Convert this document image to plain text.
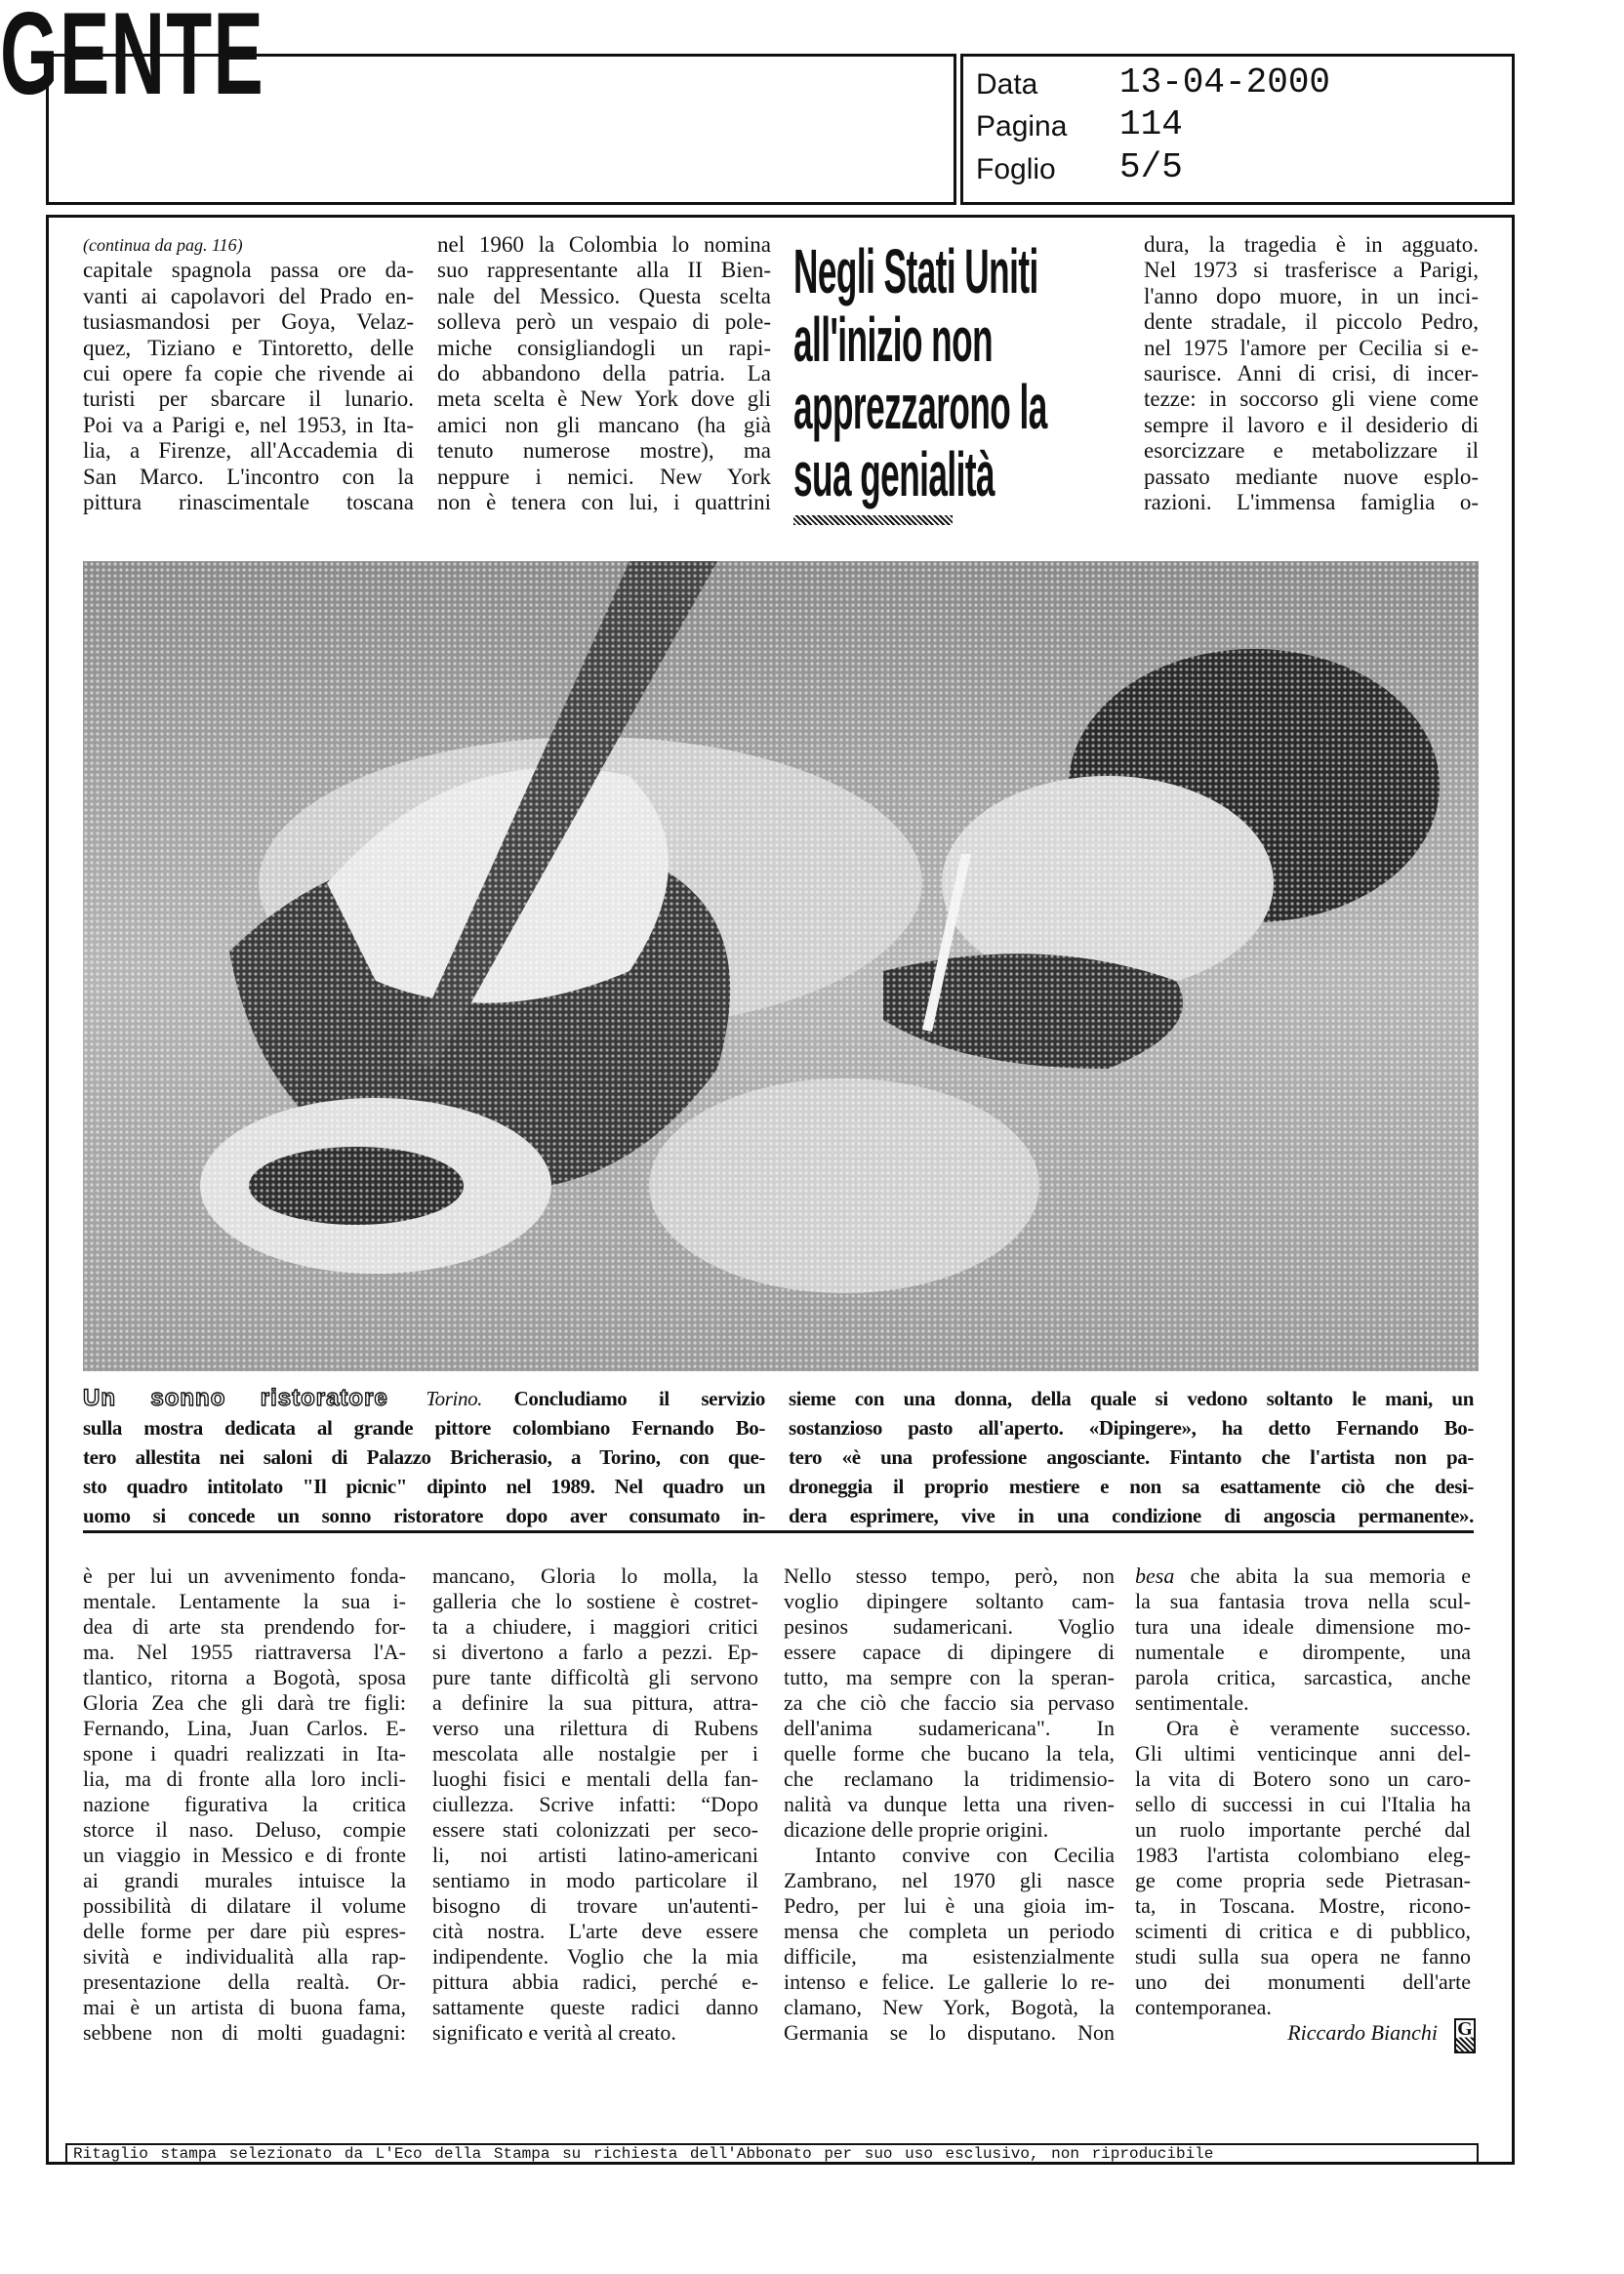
GENTE	Data 13-04-2000
Pagina 114
Foglio 5/5
(continua da pag. 116)
capitale spagnola passa ore da-
vanti ai capolavori del Prado en-
tusiasmandosi per Goya, Velaz-
quez, Tiziano e Tintoretto, delle
cui opere fa copie che rivende ai
turisti per sbarcare il lunario.
Poi va a Parigi e, nel 1953, in Ita-
lia, a Firenze, all'Accademia di
San Marco. L'incontro con la
pittura rinascimentale toscana
nel 1960 la Colombia lo nomina
suo rappresentante alla II Bien-
nale del Messico. Questa scelta
solleva però un vespaio di pole-
miche consigliandogli un rapi-
do abbandono della patria. La
meta scelta è New York dove gli
amici non gli mancano (ha già
tenuto numerose mostre), ma
neppure i nemici. New York
non è tenera con lui, i quattrini
dura, la tragedia è in agguato.
Nel 1973 si trasferisce a Parigi,
l'anno dopo muore, in un inci-
dente stradale, il piccolo Pedro,
nel 1975 l'amore per Cecilia si e-
saurisce. Anni di crisi, di incer-
tezze: in soccorso gli viene come
sempre il lavoro e il desiderio di
esorcizzare e metabolizzare il
passato mediante nuove esplo-
razioni. L'immensa famiglia o-
Negli Stati Uniti
all'inizio non
apprezzarono la
sua genialità
Un sonno ristoratore Torino. Concludiamo il servizio
sulla mostra dedicata al grande pittore colombiano Fernando Bo-
tero allestita nei saloni di Palazzo Bricherasio, a Torino, con que-
sto quadro intitolato "Il picnic" dipinto nel 1989. Nel quadro un
uomo si concede un sonno ristoratore dopo aver consumato in-
sieme con una donna, della quale si vedono soltanto le mani, un
sostanzioso pasto all'aperto. «Dipingere», ha detto Fernando Bo-
tero «è una professione angosciante. Fintanto che l'artista non pa-
droneggia il proprio mestiere e non sa esattamente ciò che desi-
dera esprimere, vive in una condizione di angoscia permanente».
è per lui un avvenimento fonda-
mentale. Lentamente la sua i-
dea di arte sta prendendo for-
ma. Nel 1955 riattraversa l'A-
tlantico, ritorna a Bogotà, sposa
Gloria Zea che gli darà tre figli:
Fernando, Lina, Juan Carlos. E-
spone i quadri realizzati in Ita-
lia, ma di fronte alla loro incli-
nazione figurativa la critica
storce il naso. Deluso, compie
un viaggio in Messico e di fronte
ai grandi murales intuisce la
possibilità di dilatare il volume
delle forme per dare più espres-
sività e individualità alla rap-
presentazione della realtà. Or-
mai è un artista di buona fama,
sebbene non di molti guadagni:
mancano, Gloria lo molla, la
galleria che lo sostiene è costret-
ta a chiudere, i maggiori critici
si divertono a farlo a pezzi. Ep-
pure tante difficoltà gli servono
a definire la sua pittura, attra-
verso una rilettura di Rubens
mescolata alle nostalgie per i
luoghi fisici e mentali della fan-
ciullezza. Scrive infatti: “Dopo
essere stati colonizzati per seco-
li, noi artisti latino-americani
sentiamo in modo particolare il
bisogno di trovare un'autenti-
cità nostra. L'arte deve essere
indipendente. Voglio che la mia
pittura abbia radici, perché e-
sattamente queste radici danno
significato e verità al creato.
Nello stesso tempo, però, non
voglio dipingere soltanto cam-
pesinos sudamericani. Voglio
essere capace di dipingere di
tutto, ma sempre con la speran-
za che ciò che faccio sia pervaso
dell'anima sudamericana". In
quelle forme che bucano la tela,
che reclamano la tridimensio-
nalità va dunque letta una riven-
dicazione delle proprie origini.
Intanto convive con Cecilia
Zambrano, nel 1970 gli nasce
Pedro, per lui è una gioia im-
mensa che completa un periodo
difficile, ma esistenzialmente
intenso e felice. Le gallerie lo re-
clamano, New York, Bogotà, la
Germania se lo disputano. Non
besa che abita la sua memoria e
la sua fantasia trova nella scul-
tura una ideale dimensione mo-
numentale e dirompente, una
parola critica, sarcastica, anche
sentimentale.
Ora è veramente successo.
Gli ultimi venticinque anni del-
la vita di Botero sono un caro-
sello di successi in cui l'Italia ha
un ruolo importante perché dal
1983 l'artista colombiano eleg-
ge come propria sede Pietrasan-
ta, in Toscana. Mostre, ricono-
scimenti di critica e di pubblico,
studi sulla sua opera ne fanno
uno dei monumenti dell'arte
contemporanea.
Riccardo Bianchi	G
Ritaglio stampa selezionato da L'Eco della Stampa su richiesta dell'Abbonato per suo uso esclusivo, non riproducibile
